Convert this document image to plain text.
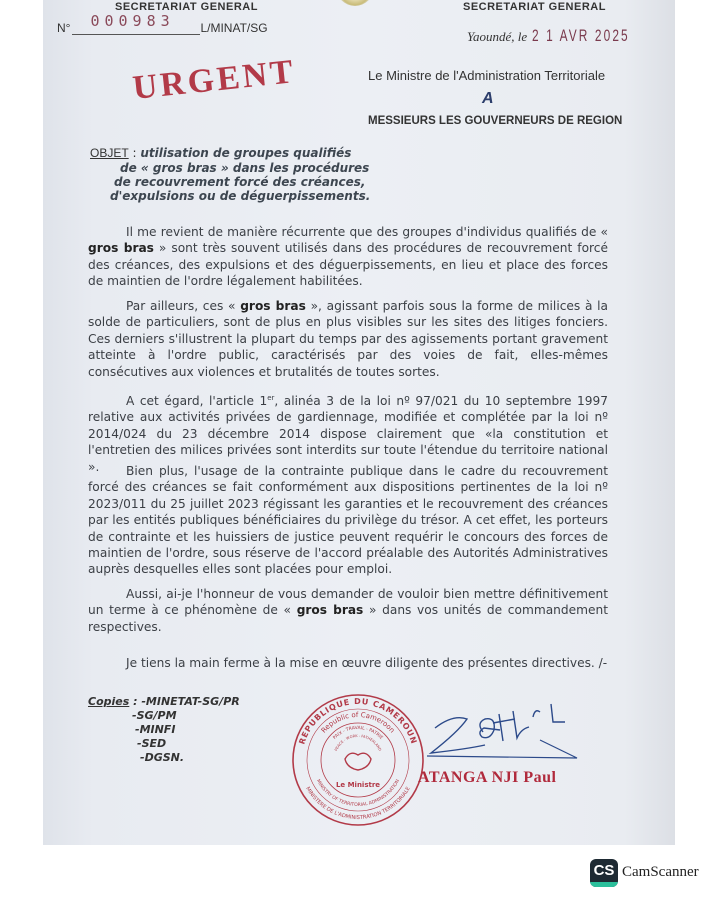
SECRETARIAT GENERAL	SECRETARIAT GENERAL
N° 000983 L/MINAT/SG
URGENT
Yaoundé, le 2 1 AVR 2025
Le Ministre de l'Administration Territoriale
A
MESSIEURS LES GOUVERNEURS DE REGION
OBJET : utilisation de groupes qualifiés
de « gros bras » dans les procédures
de recouvrement forcé des créances,
d'expulsions ou de déguerpissements.

Il me revient de manière récurrente que des groupes d'individus qualifiés de « gros bras » sont très souvent utilisés dans des procédures de recouvrement forcé des créances, des expulsions et des déguerpissements, en lieu et place des forces de maintien de l'ordre légalement habilitées.

Par ailleurs, ces « gros bras », agissant parfois sous la forme de milices à la solde de particuliers, sont de plus en plus visibles sur les sites des litiges fonciers. Ces derniers s'illustrent la plupart du temps par des agissements portant gravement atteinte à l'ordre public, caractérisés par des voies de fait, elles-mêmes consécutives aux violences et brutalités de toutes sortes.

A cet égard, l'article 1er, alinéa 3 de la loi nº 97/021 du 10 septembre 1997 relative aux activités privées de gardiennage, modifiée et complétée par la loi nº 2014/024 du 23 décembre 2014 dispose clairement que «la constitution et l'entretien des milices privées sont interdits sur toute l'étendue du territoire national ».	Bien plus, l'usage de la contrainte publique dans le cadre du recouvrement forcé des créances se fait conformément aux dispositions pertinentes de la loi nº 2023/011 du 25 juillet 2023 régissant les garanties et le recouvrement des créances par les entités publiques bénéficiaires du privilège du trésor. A cet effet, les porteurs de contrainte et les huissiers de justice peuvent requérir le concours des forces de maintien de l'ordre, sous réserve de l'accord préalable des Autorités Administratives auprès desquelles elles sont placées pour emploi.

Aussi, ai-je l'honneur de vous demander de vouloir bien mettre définitivement un terme à ce phénomène de « gros bras » dans vos unités de commandement respectives.

Je tiens la main ferme à la mise en œuvre diligente des présentes directives. /-

Copies : -MINETAT-SG/PR
-SG/PM
-MINFI
-SED
-DGSN.
REPUBLIQUE DU CAMEROUN
Republic of Cameroon
PAIX - TRAVAIL - PATRIE
PEACE - WORK - FATHERLAND
MINISTERE DE L'ADMINISTRATION TERRITORIALE
MINISTRY OF TERRITORIAL ADMINISTRATION
Le Ministre ATANGA NJI Paul
CS CamScanner
